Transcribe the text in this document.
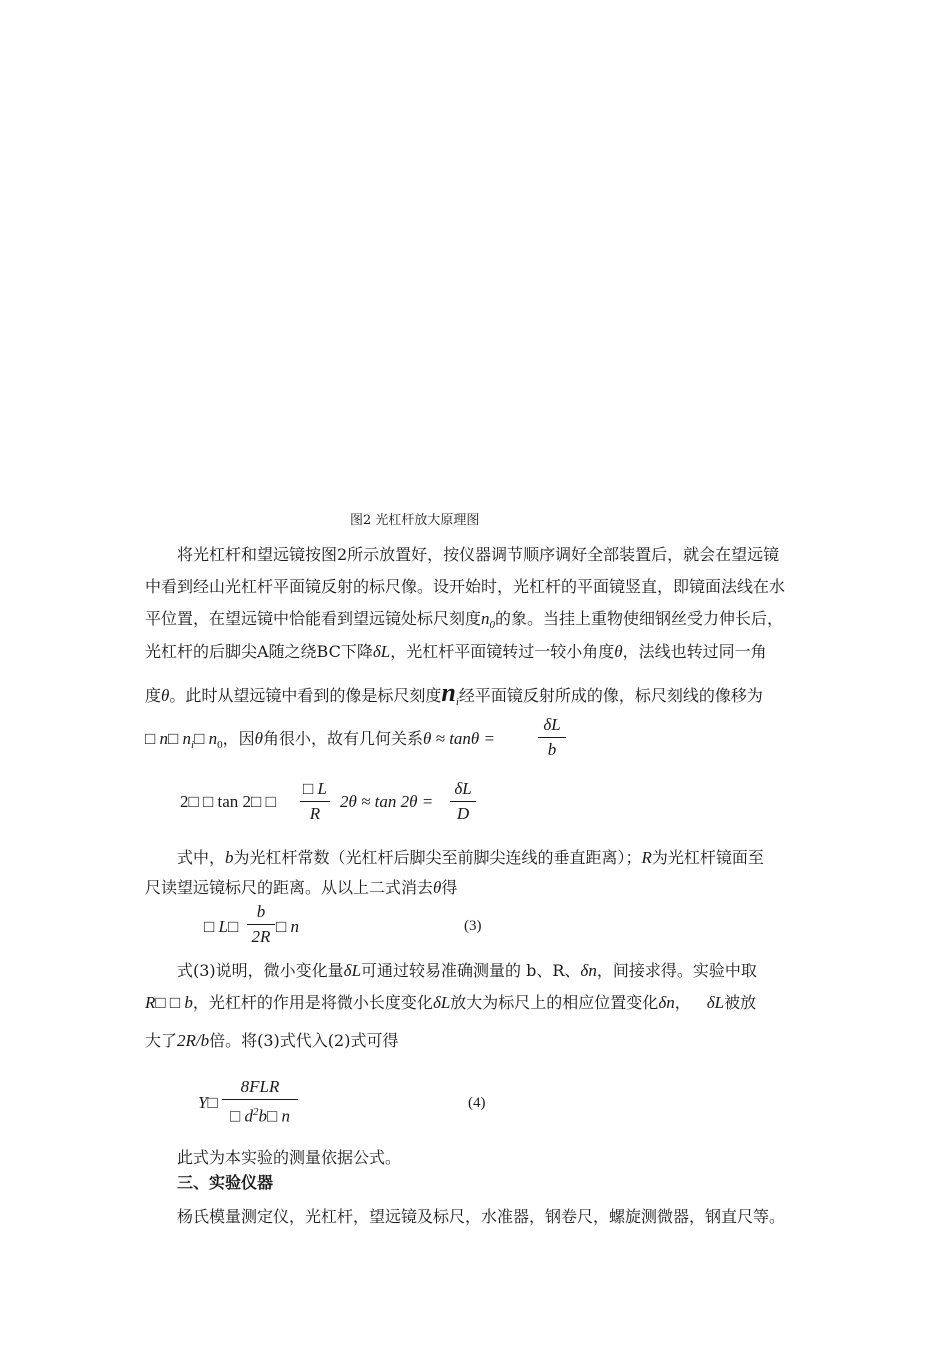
图2 光杠杆放大原理图
将光杠杆和望远镜按图2所示放置好，按仪器调节顺序调好全部装置后，就会在望远镜
中看到经山光杠杆平面镜反射的标尺像。设开始时，光杠杆的平面镜竖直，即镜面法线在水
平位置，在望远镜中恰能看到望远镜处标尺刻度$n_0$的象。当挂上重物使细钢丝受力伸长后，
光杠杆的后脚尖A随之绕BC下降δL，光杠杆平面镜转过一较小角度θ，法线也转过同一角
度θ。此时从望远镜中看到的像是标尺刻度$n_i$经平面镜反射所成的像，标尺刻线的像移为
□ n□ $n_i□$ $n_0$，因θ角很小，故有几何关系θ ≈ tanθ =
δL
b
2□ □ tan 2□ □
□ L
R
2θ ≈ tan 2θ =
δL
D
式中，b为光杠杆常数（光杠杆后脚尖至前脚尖连线的垂直距离）；R为光杠杆镜面至
尺读望远镜标尺的距离。从以上二式消去θ得
□ L□
b
2R
□ n	(3)
式(3)说明，微小变化量δL可通过较易准确测量的 b、R、δn，间接求得。实验中取
R□ □ b，光杠杆的作用是将微小长度变化δL放大为标尺上的相应位置变化δn，  δL被放
大了2R/b倍。将(3)式代入(2)式可得
Y□
8FLR
□ $d^2b□$ n
(4)
此式为本实验的测量依据公式。
三、实验仪器
杨氏模量测定仪，光杠杆，望远镜及标尺，水准器，钢卷尺，螺旋测微器，钢直尺等。
